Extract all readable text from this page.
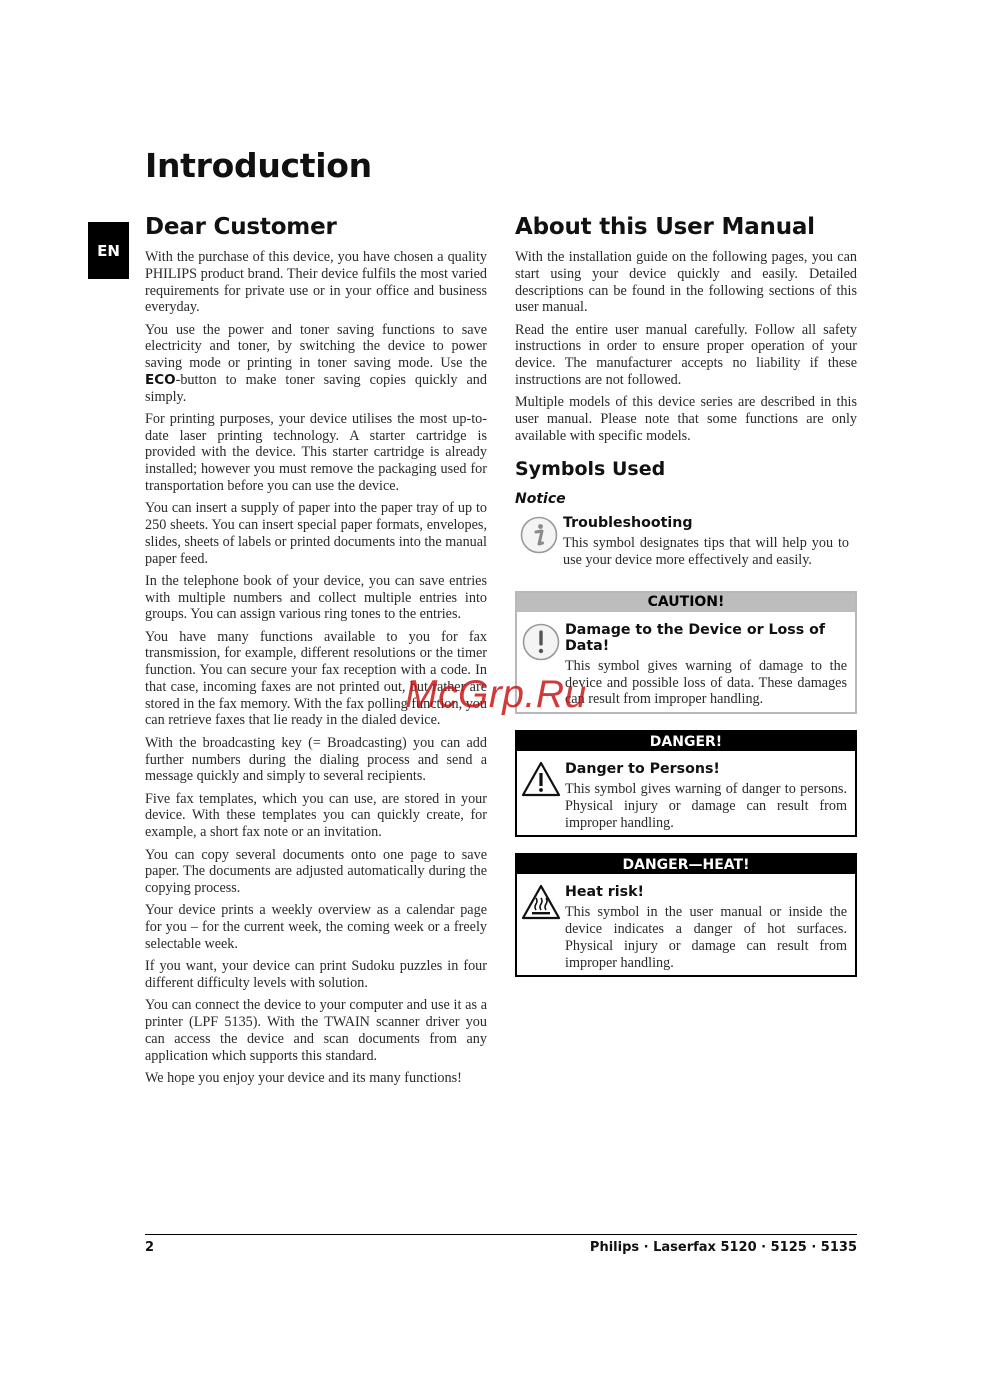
Introduction
EN
Dear Customer

With the purchase of this device, you have chosen a quality PHILIPS product brand. Their device fulfils the most varied requirements for private use or in your office and business everyday.

You use the power and toner saving functions to save electricity and toner, by switching the device to power saving mode or printing in toner saving mode. Use the ECO-button to make toner saving copies quickly and simply.

For printing purposes, your device utilises the most up-to-date laser printing technology. A starter cartridge is provided with the device. This starter cartridge is already installed; however you must remove the packaging used for transportation before you can use the device.

You can insert a supply of paper into the paper tray of up to 250 sheets. You can insert special paper formats, envelopes, slides, sheets of labels or printed documents into the manual paper feed.

In the telephone book of your device, you can save entries with multiple numbers and collect multiple entries into groups. You can assign various ring tones to the entries.

You have many functions available to you for fax transmission, for example, different resolutions or the timer function. You can secure your fax reception with a code. In that case, incoming faxes are not printed out, but rather are stored in the fax memory. With the fax polling function, you can retrieve faxes that lie ready in the dialed device.

With the broadcasting key (= Broadcasting) you can add further numbers during the dialing process and send a message quickly and simply to several recipients.

Five fax templates, which you can use, are stored in your device. With these templates you can quickly create, for example, a short fax note or an invitation.

You can copy several documents onto one page to save paper. The documents are adjusted automatically during the copying process.

Your device prints a weekly overview as a calendar page for you – for the current week, the coming week or a freely selectable week.

If you want, your device can print Sudoku puzzles in four different difficulty levels with solution.

You can connect the device to your computer and use it as a printer (LPF 5135). With the TWAIN scanner driver you can access the device and scan documents from any application which supports this standard.

We hope you enjoy your device and its many functions!

About this User Manual

With the installation guide on the following pages, you can start using your device quickly and easily. Detailed descriptions can be found in the following sections of this user manual.

Read the entire user manual carefully. Follow all safety instructions in order to ensure proper operation of your device. The manufacturer accepts no liability if these instructions are not followed.

Multiple models of this device series are described in this user manual. Please note that some functions are only available with specific models.

Symbols Used
Notice
Troubleshooting

This symbol designates tips that will help you to use your device more effectively and easily.

CAUTION!
Damage to the Device or Loss of Data!

This symbol gives warning of damage to the device and possible loss of data. These damages can result from improper handling.

DANGER!
Danger to Persons!

This symbol gives warning of danger to persons. Physical injury or damage can result from improper handling.

DANGER—HEAT!
Heat risk!

This symbol in the user manual or inside the device indicates a danger of hot surfaces. Physical injury or damage can result from improper handling.

McGrp.Ru
2	Philips · Laserfax 5120 · 5125 · 5135
